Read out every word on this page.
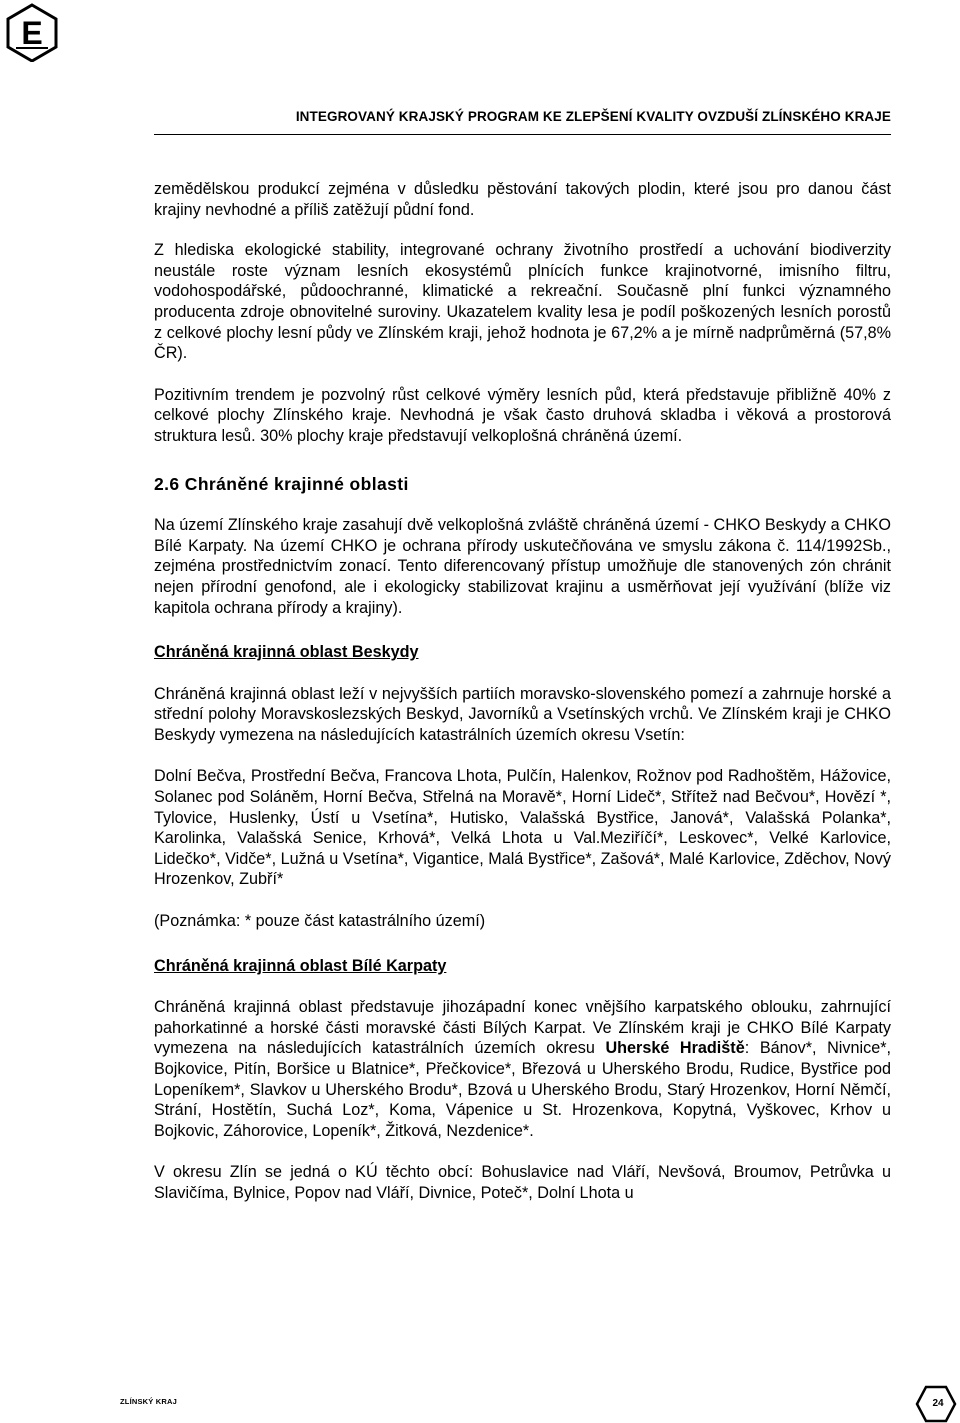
E
INTEGROVANÝ KRAJSKÝ PROGRAM KE ZLEPŠENÍ KVALITY OVZDUŠÍ ZLÍNSKÉHO KRAJE

zemědělskou produkcí zejména v důsledku pěstování takových plodin, které jsou pro danou část krajiny nevhodné a příliš zatěžují půdní fond.

Z hlediska ekologické stability, integrované ochrany životního prostředí a uchování biodiverzity neustále roste význam lesních ekosystémů plnících funkce krajinotvorné, imisního filtru, vodohospodářské, půdoochranné, klimatické a rekreační. Současně plní funkci významného producenta zdroje obnovitelné suroviny. Ukazatelem kvality lesa je podíl poškozených lesních porostů z celkové plochy lesní půdy ve Zlínském kraji, jehož hodnota je 67,2% a je mírně nadprůměrná (57,8% ČR).

Pozitivním trendem je pozvolný růst celkové výměry lesních půd, která představuje přibližně 40% z celkové plochy Zlínského kraje. Nevhodná je však často druhová skladba i věková a prostorová struktura lesů. 30% plochy kraje představují velkoplošná chráněná území.

2.6 Chráněné krajinné oblasti

Na území Zlínského kraje zasahují dvě velkoplošná zvláště chráněná území - CHKO Beskydy a CHKO Bílé Karpaty. Na území CHKO je ochrana přírody uskutečňována ve smyslu zákona č. 114/1992Sb., zejména prostřednictvím zonací. Tento diferencovaný přístup umožňuje dle stanovených zón chránit nejen přírodní genofond, ale i ekologicky stabilizovat krajinu a usměrňovat její využívání (blíže viz kapitola ochrana přírody a krajiny).

Chráněná krajinná oblast Beskydy

Chráněná krajinná oblast leží v nejvyšších partiích moravsko-slovenského pomezí a zahrnuje horské a střední polohy Moravskoslezských Beskyd, Javorníků a Vsetínských vrchů. Ve Zlínském kraji je CHKO Beskydy vymezena na následujících katastrálních územích okresu Vsetín:

Dolní Bečva, Prostřední Bečva, Francova Lhota, Pulčín, Halenkov, Rožnov pod Radhoštěm, Hážovice, Solanec pod Soláněm, Horní Bečva, Střelná na Moravě*, Horní Lideč*, Střítež nad Bečvou*, Hovězí *, Tylovice, Huslenky, Ústí u Vsetína*, Hutisko, Valašská Bystřice, Janová*, Valašská Polanka*, Karolinka, Valašská Senice, Krhová*, Velká Lhota u Val.Meziříčí*, Leskovec*, Velké Karlovice, Lidečko*, Vidče*, Lužná u Vsetína*, Vigantice, Malá Bystřice*, Zašová*, Malé Karlovice, Zděchov, Nový Hrozenkov, Zubří*

(Poznámka: * pouze část katastrálního území)

Chráněná krajinná oblast Bílé Karpaty

Chráněná krajinná oblast představuje jihozápadní konec vnějšího karpatského oblouku, zahrnující pahorkatinné a horské části moravské části Bílých Karpat. Ve Zlínském kraji je CHKO Bílé Karpaty vymezena na následujících katastrálních územích okresu Uherské Hradiště: Bánov*, Nivnice*, Bojkovice, Pitín, Boršice u Blatnice*, Přečkovice*, Březová u Uherského Brodu, Rudice, Bystřice pod Lopeníkem*, Slavkov u Uherského Brodu*, Bzová u Uherského Brodu, Starý Hrozenkov, Horní Němčí, Strání, Hostětín, Suchá Loz*, Koma, Vápenice u St. Hrozenkova, Kopytná, Vyškovec, Krhov u Bojkovic, Záhorovice, Lopeník*, Žitková, Nezdenice*.

V okresu Zlín se jedná o KÚ těchto obcí: Bohuslavice nad Vláří, Nevšová, Broumov, Petrůvka u Slavičíma, Bylnice, Popov nad Vláří, Divnice, Poteč*, Dolní Lhota u

ZLÍNSKÝ KRAJ	24
